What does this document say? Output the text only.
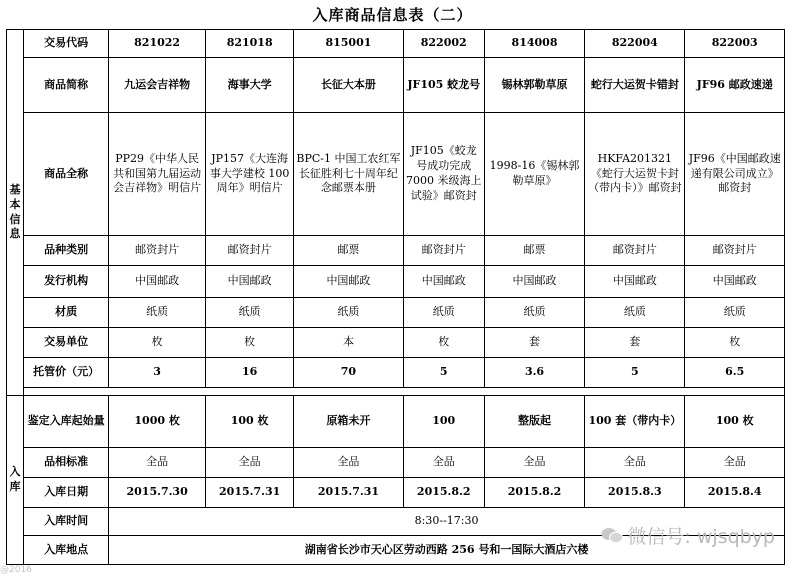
入库商品信息表（二）
基
本
信
息	交易代码	821022	821018	815001	822002	814008	822004	822003
	商品简称	九运会吉祥物	海事大学	长征大本册	JF105 蛟龙号	锡林郭勒草原	蛇行大运贺卡错封	JF96 邮政速递
	商品全称	PP29《中华人民共和国第九届运动会吉祥物》明信片	JP157《大连海事大学建校 100 周年》明信片	BPC-1 中国工农红军长征胜利七十周年纪念邮票本册	JF105《蛟龙号成功完成 7000 米级海上试验》邮资封	1998-16《锡林郭勒草原》	HKFA201321《蛇行大运贺卡封（带内卡）》邮资封	JF96《中国邮政速递有限公司成立》邮资封
	品种类别	邮资封片	邮资封片	邮票	邮资封片	邮票	邮资封片	邮资封片
	发行机构	中国邮政	中国邮政	中国邮政	中国邮政	中国邮政	中国邮政	中国邮政
	材质	纸质	纸质	纸质	纸质	纸质	纸质	纸质
	交易单位	枚	枚	本	枚	套	套	枚
	托管价（元）	3	16	70	5	3.6	5	6.5

入
库	鉴定入库起始量	1000 枚	100 枚	原箱未开	100	整版起	100 套（带内卡）	100 枚
	品相标准	全品	全品	全品	全品	全品	全品	全品
	入库日期	2015.7.30	2015.7.31	2015.7.31	2015.8.2	2015.8.2	2015.8.3	2015.8.4
	入库时间	8:30--17:30						
	入库地点	湖南省长沙市天心区劳动西路 256 号和一国际大酒店六楼						
微信号: wjsqbyp
@2016
